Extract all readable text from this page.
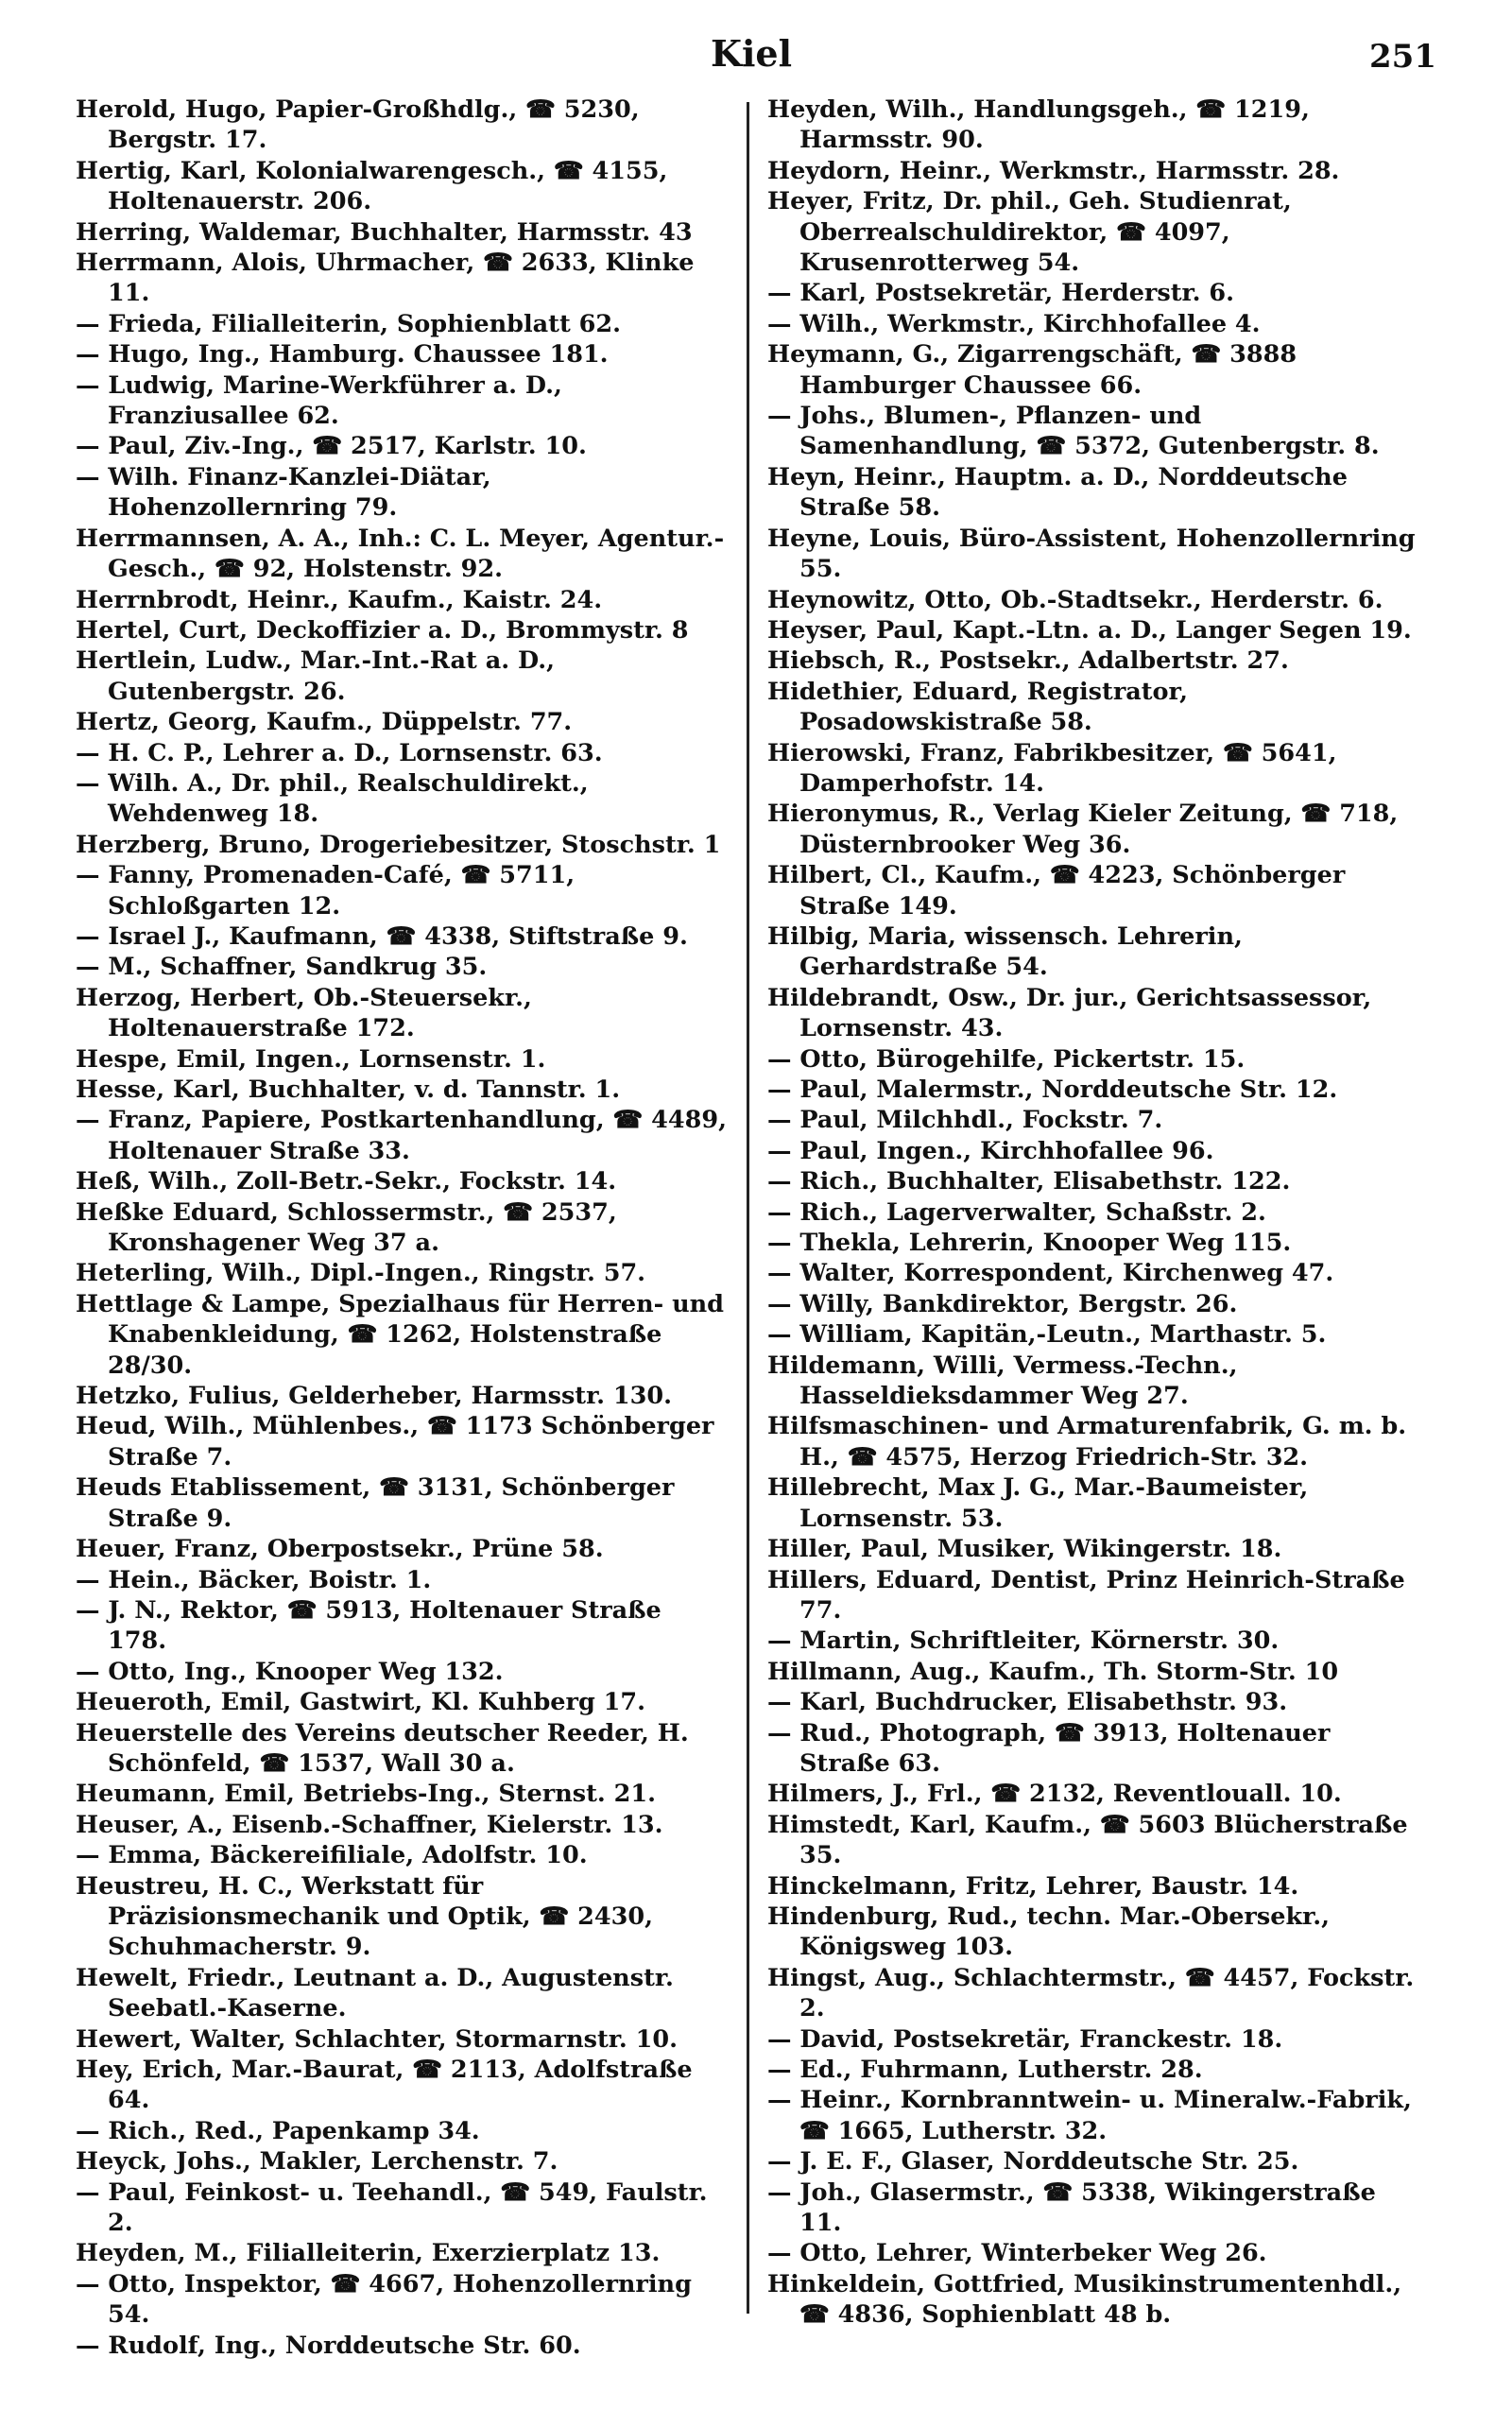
Kiel	251

Herold, Hugo, Papier-Großhdlg., ☎ 5230, Bergstr. 17.

Hertig, Karl, Kolonialwarengesch., ☎ 4155, Holtenauerstr. 206.

Herring, Waldemar, Buchhalter, Harmsstr. 43

Herrmann, Alois, Uhrmacher, ☎ 2633, Klinke 11.

— Frieda, Filialleiterin, Sophienblatt 62.

— Hugo, Ing., Hamburg. Chaussee 181.

— Ludwig, Marine-Werkführer a. D., Franziusallee 62.

— Paul, Ziv.-Ing., ☎ 2517, Karlstr. 10.

— Wilh. Finanz-Kanzlei-Diätar, Hohenzollernring 79.

Herrmannsen, A. A., Inh.: C. L. Meyer, Agentur.-Gesch., ☎ 92, Holstenstr. 92.

Herrnbrodt, Heinr., Kaufm., Kaistr. 24.

Hertel, Curt, Deckoffizier a. D., Brommystr. 8

Hertlein, Ludw., Mar.-Int.-Rat a. D., Gutenbergstr. 26.

Hertz, Georg, Kaufm., Düppelstr. 77.

— H. C. P., Lehrer a. D., Lornsenstr. 63.

— Wilh. A., Dr. phil., Realschuldirekt., Wehdenweg 18.

Herzberg, Bruno, Drogeriebesitzer, Stoschstr. 1

— Fanny, Promenaden-Café, ☎ 5711, Schloßgarten 12.

— Israel J., Kaufmann, ☎ 4338, Stiftstraße 9.

— M., Schaffner, Sandkrug 35.

Herzog, Herbert, Ob.-Steuersekr., Holtenauerstraße 172.

Hespe, Emil, Ingen., Lornsenstr. 1.

Hesse, Karl, Buchhalter, v. d. Tannstr. 1.

— Franz, Papiere, Postkartenhandlung, ☎ 4489, Holtenauer Straße 33.

Heß, Wilh., Zoll-Betr.-Sekr., Fockstr. 14.

Heßke Eduard, Schlossermstr., ☎ 2537, Kronshagener Weg 37 a.

Heterling, Wilh., Dipl.-Ingen., Ringstr. 57.

Hettlage & Lampe, Spezialhaus für Herren- und Knabenkleidung, ☎ 1262, Holstenstraße 28/30.

Hetzko, Fulius, Gelderheber, Harmsstr. 130.

Heud, Wilh., Mühlenbes., ☎ 1173 Schönberger Straße 7.

Heuds Etablissement, ☎ 3131, Schönberger Straße 9.

Heuer, Franz, Oberpostsekr., Prüne 58.

— Hein., Bäcker, Boistr. 1.

— J. N., Rektor, ☎ 5913, Holtenauer Straße 178.

— Otto, Ing., Knooper Weg 132.

Heueroth, Emil, Gastwirt, Kl. Kuhberg 17.

Heuerstelle des Vereins deutscher Reeder, H. Schönfeld, ☎ 1537, Wall 30 a.

Heumann, Emil, Betriebs-Ing., Sternst. 21.

Heuser, A., Eisenb.-Schaffner, Kielerstr. 13.

— Emma, Bäckereifiliale, Adolfstr. 10.

Heustreu, H. C., Werkstatt für Präzisionsmechanik und Optik, ☎ 2430, Schuhmacherstr. 9.

Hewelt, Friedr., Leutnant a. D., Augustenstr. Seebatl.-Kaserne.

Hewert, Walter, Schlachter, Stormarnstr. 10.

Hey, Erich, Mar.-Baurat, ☎ 2113, Adolfstraße 64.

— Rich., Red., Papenkamp 34.

Heyck, Johs., Makler, Lerchenstr. 7.

— Paul, Feinkost- u. Teehandl., ☎ 549, Faulstr. 2.

Heyden, M., Filialleiterin, Exerzierplatz 13.

— Otto, Inspektor, ☎ 4667, Hohenzollernring 54.

— Rudolf, Ing., Norddeutsche Str. 60.

Heyden, Wilh., Handlungsgeh., ☎ 1219, Harmsstr. 90.

Heydorn, Heinr., Werkmstr., Harmsstr. 28.

Heyer, Fritz, Dr. phil., Geh. Studienrat, Oberrealschuldirektor, ☎ 4097, Krusenrotterweg 54.

— Karl, Postsekretär, Herderstr. 6.

— Wilh., Werkmstr., Kirchhofallee 4.

Heymann, G., Zigarrengschäft, ☎ 3888 Hamburger Chaussee 66.

— Johs., Blumen-, Pflanzen- und Samenhandlung, ☎ 5372, Gutenbergstr. 8.

Heyn, Heinr., Hauptm. a. D., Norddeutsche Straße 58.

Heyne, Louis, Büro-Assistent, Hohenzollernring 55.

Heynowitz, Otto, Ob.-Stadtsekr., Herderstr. 6.

Heyser, Paul, Kapt.-Ltn. a. D., Langer Segen 19.

Hiebsch, R., Postsekr., Adalbertstr. 27.

Hidethier, Eduard, Registrator, Posadowskistraße 58.

Hierowski, Franz, Fabrikbesitzer, ☎ 5641, Damperhofstr. 14.

Hieronymus, R., Verlag Kieler Zeitung, ☎ 718, Düsternbrooker Weg 36.

Hilbert, Cl., Kaufm., ☎ 4223, Schönberger Straße 149.

Hilbig, Maria, wissensch. Lehrerin, Gerhardstraße 54.

Hildebrandt, Osw., Dr. jur., Gerichtsassessor, Lornsenstr. 43.

— Otto, Bürogehilfe, Pickertstr. 15.

— Paul, Malermstr., Norddeutsche Str. 12.

— Paul, Milchhdl., Fockstr. 7.

— Paul, Ingen., Kirchhofallee 96.

— Rich., Buchhalter, Elisabethstr. 122.

— Rich., Lagerverwalter, Schaßstr. 2.

— Thekla, Lehrerin, Knooper Weg 115.

— Walter, Korrespondent, Kirchenweg 47.

— Willy, Bankdirektor, Bergstr. 26.

— William, Kapitän,-Leutn., Marthastr. 5.

Hildemann, Willi, Vermess.-Techn., Hasseldieksdammer Weg 27.

Hilfsmaschinen- und Armaturenfabrik, G. m. b. H., ☎ 4575, Herzog Friedrich-Str. 32.

Hillebrecht, Max J. G., Mar.-Baumeister, Lornsenstr. 53.

Hiller, Paul, Musiker, Wikingerstr. 18.

Hillers, Eduard, Dentist, Prinz Heinrich-Straße 77.

— Martin, Schriftleiter, Körnerstr. 30.

Hillmann, Aug., Kaufm., Th. Storm-Str. 10

— Karl, Buchdrucker, Elisabethstr. 93.

— Rud., Photograph, ☎ 3913, Holtenauer Straße 63.

Hilmers, J., Frl., ☎ 2132, Reventlouall. 10.

Himstedt, Karl, Kaufm., ☎ 5603 Blücherstraße 35.

Hinckelmann, Fritz, Lehrer, Baustr. 14.

Hindenburg, Rud., techn. Mar.-Obersekr., Königsweg 103.

Hingst, Aug., Schlachtermstr., ☎ 4457, Fockstr. 2.

— David, Postsekretär, Franckestr. 18.

— Ed., Fuhrmann, Lutherstr. 28.

— Heinr., Kornbranntwein- u. Mineralw.-Fabrik, ☎ 1665, Lutherstr. 32.

— J. E. F., Glaser, Norddeutsche Str. 25.

— Joh., Glasermstr., ☎ 5338, Wikingerstraße 11.

— Otto, Lehrer, Winterbeker Weg 26.

Hinkeldein, Gottfried, Musikinstrumentenhdl., ☎ 4836, Sophienblatt 48 b.
